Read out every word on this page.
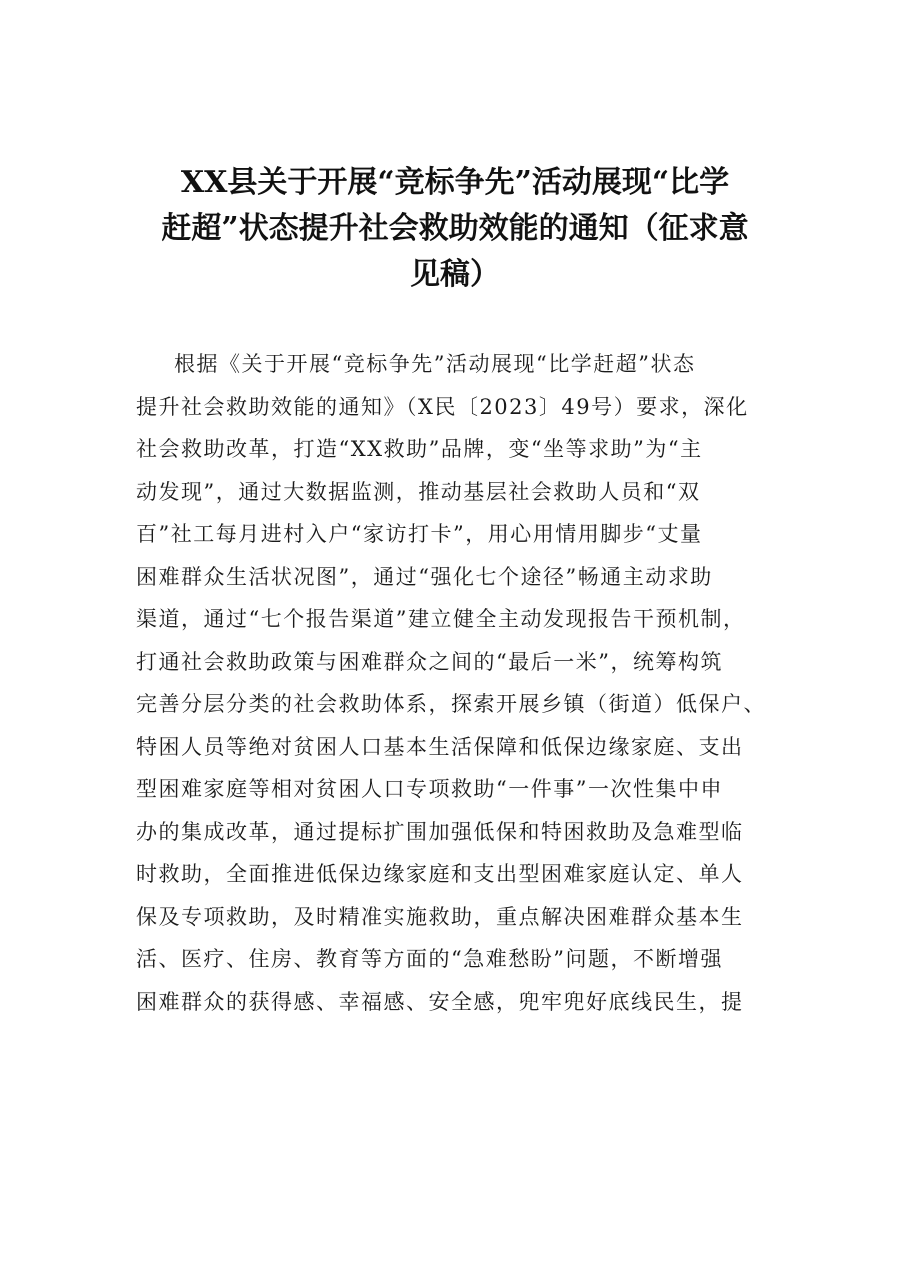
XX县关于开展“竞标争先”活动展现“比学
赶超”状态提升社会救助效能的通知（征求意
见稿）
根据《关于开展“竞标争先”活动展现“比学赶超”状态
提升社会救助效能的通知》（X民〔2023〕49号）要求，深化
社会救助改革，打造“XX救助”品牌，变“坐等求助”为“主
动发现”，通过大数据监测，推动基层社会救助人员和“双
百”社工每月进村入户“家访打卡”，用心用情用脚步“丈量
困难群众生活状况图”，通过“强化七个途径”畅通主动求助
渠道，通过“七个报告渠道”建立健全主动发现报告干预机制，
打通社会救助政策与困难群众之间的“最后一米”，统筹构筑
完善分层分类的社会救助体系，探索开展乡镇（街道）低保户、
特困人员等绝对贫困人口基本生活保障和低保边缘家庭、支出
型困难家庭等相对贫困人口专项救助“一件事”一次性集中申
办的集成改革，通过提标扩围加强低保和特困救助及急难型临
时救助，全面推进低保边缘家庭和支出型困难家庭认定、单人
保及专项救助，及时精准实施救助，重点解决困难群众基本生
活、医疗、住房、教育等方面的“急难愁盼”问题，不断增强
困难群众的获得感、幸福感、安全感，兜牢兜好底线民生，提
